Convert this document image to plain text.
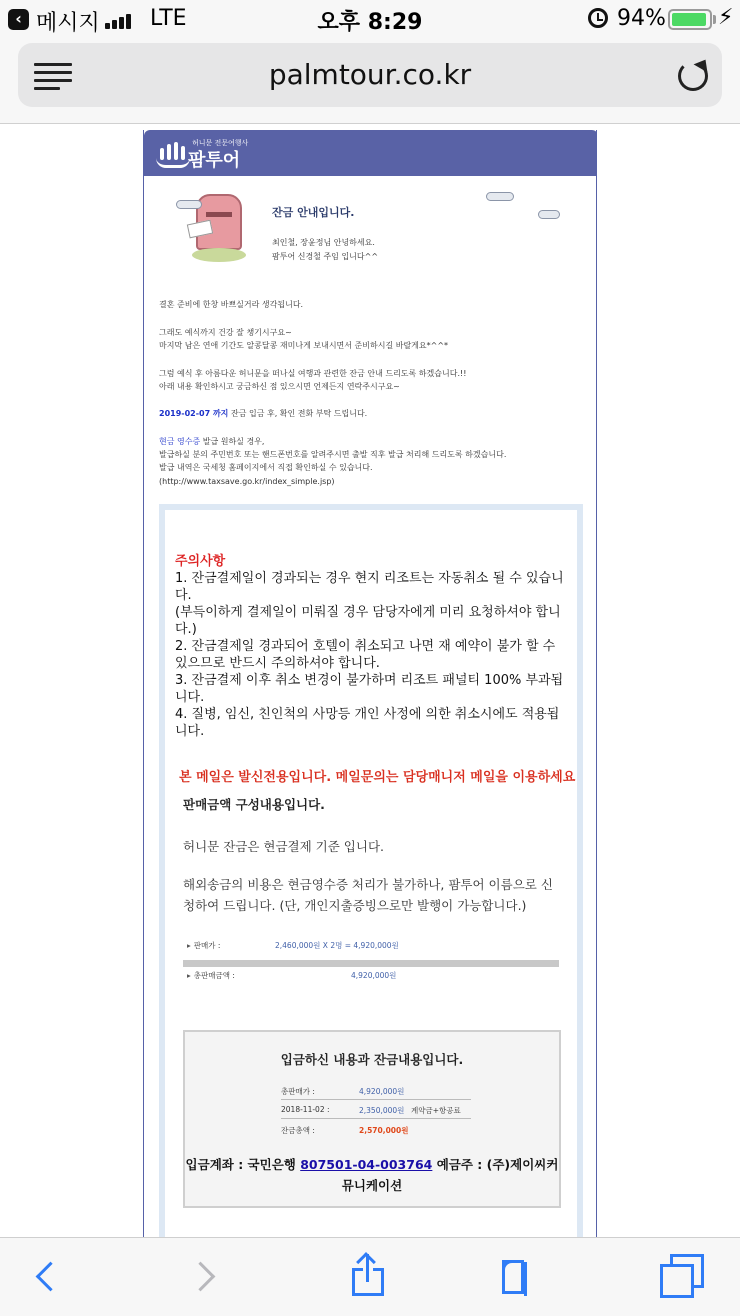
‹ 메시지 LTE	오후 8:29	94% ⚡
palmtour.co.kr
허니문 전문여행사
팜투어
잔금 안내입니다.
최인철, 장윤정님 안녕하세요.
팜투어 신경철 주임 입니다^^
결혼 준비에 한창 바쁘실거라 생각됩니다.
그래도 예식까지 건강 잘 챙기시구요~
마지막 남은 연애 기간도 알콩달콩 재미나게 보내시면서 준비하시길 바랄게요*^^*
그럼 예식 후 아름다운 허니문을 떠나실 여행과 관련한 잔금 안내 드리도록 하겠습니다.!!
아래 내용 확인하시고 궁금하신 점 있으시면 언제든지 연락주시구요~
2019-02-07 까지 잔금 입금 후, 확인 전화 부탁 드립니다.
현금 영수증 발급 원하실 경우,
발급하실 분의 주민번호 또는 핸드폰번호를 알려주시면 출발 직후 발급 처리해 드리도록 하겠습니다.
발급 내역은 국세청 홈페이지에서 직접 확인하실 수 있습니다.
(http://www.taxsave.go.kr/index_simple.jsp)
주의사항
1. 잔금결제일이 경과되는 경우 현지 리조트는 자동취소 될 수 있습니다.
(부득이하게 결제일이 미뤄질 경우 담당자에게 미리 요청하셔야 합니다.)
2. 잔금결제일 경과되어 호텔이 취소되고 나면 재 예약이 불가 할 수 있으므로 반드시 주의하셔야 합니다.
3. 잔금결제 이후 취소 변경이 불가하며 리조트 패널티 100% 부과됩니다.
4. 질병, 임신, 친인척의 사망등 개인 사정에 의한 취소시에도 적용됩니다.
본 메일은 발신전용입니다. 메일문의는 담당매니저 메일을 이용하세요
판매금액 구성내용입니다.
허니문 잔금은 현금결제 기준 입니다.
해외송금의 비용은 현금영수증 처리가 불가하나, 팜투어 이름으로 신청하여 드립니다. (단, 개인지출증빙으로만 발행이 가능합니다.)
▸ 판매가 :	2,460,000원 X 2명 = 4,920,000원
▸ 총판매금액 :	4,920,000원
입금하신 내용과 잔금내용입니다.
총판매가 :	4,920,000원
2018-11-02 :	2,350,000원 계약금+항공료
잔금총액 :	2,570,000원
입금계좌 : 국민은행 807501-04-003764 예금주 : (주)제이씨커뮤니케이션
